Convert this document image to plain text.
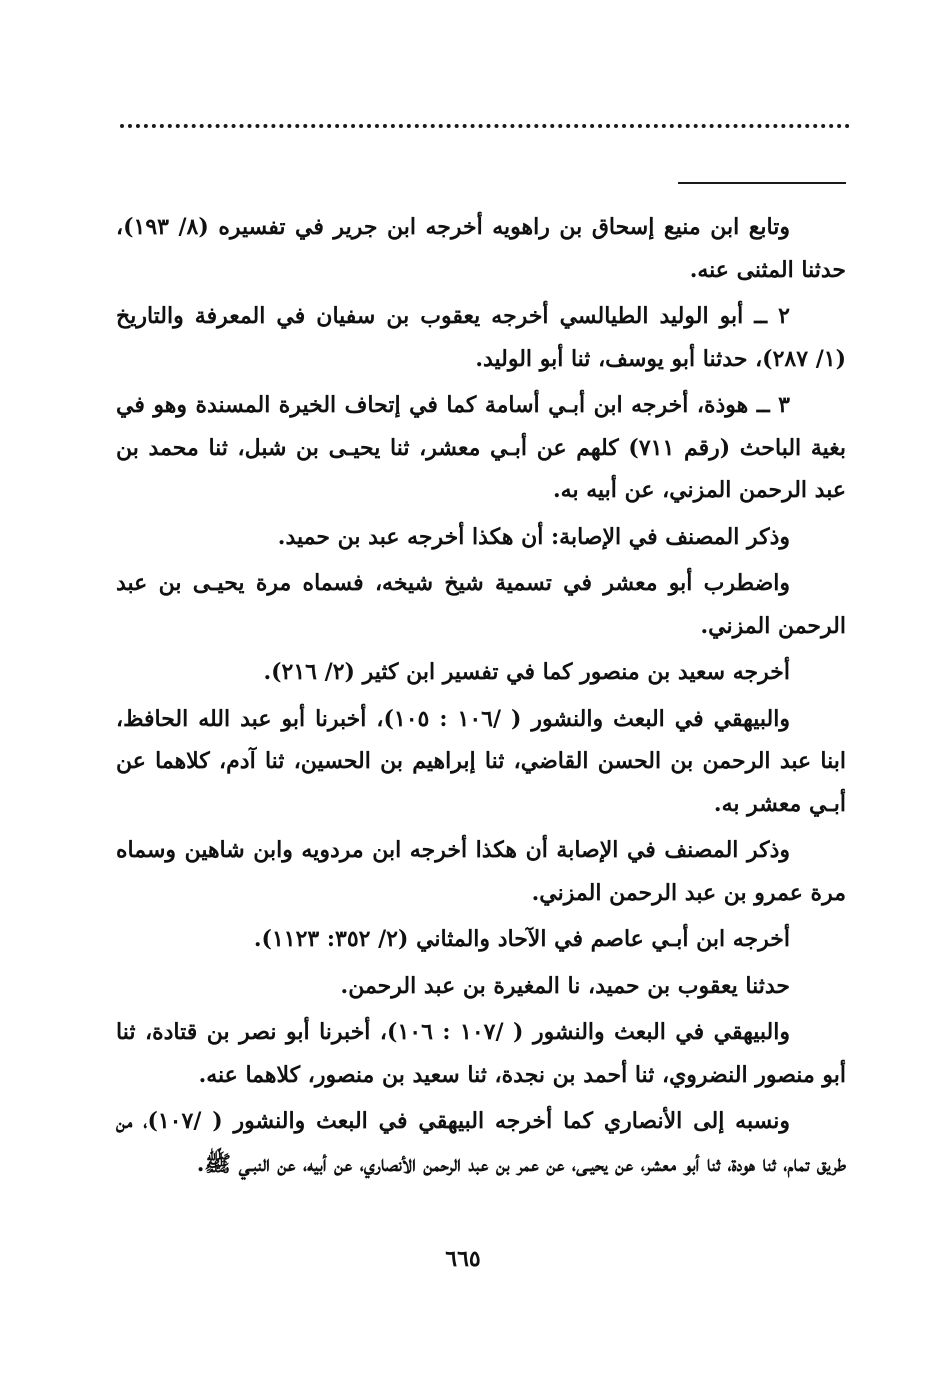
وتابع ابن منيع إسحاق بن راهويه أخرجه ابن جرير في تفسيره (٨/ ١٩٣)، حدثنا المثنى عنه.

٢ ــ أبو الوليد الطيالسي أخرجه يعقوب بن سفيان في المعرفة والتاريخ (١/ ٢٨٧)، حدثنا أبو يوسف، ثنا أبو الوليد.

٣ ــ هوذة، أخرجه ابن أبـي أسامة كما في إتحاف الخيرة المسندة وهو في بغية الباحث (رقم ٧١١) كلهم عن أبـي معشر، ثنا يحيـى بن شبل، ثنا محمد بن عبد الرحمن المزني، عن أبيه به.

وذكر المصنف في الإصابة: أن هكذا أخرجه عبد بن حميد.

واضطرب أبو معشر في تسمية شيخ شيخه، فسماه مرة يحيـى بن عبد الرحمن المزني.

أخرجه سعيد بن منصور كما في تفسير ابن كثير (٢/ ٢١٦).

والبيهقي في البعث والنشور ( /١٠٦ : ١٠٥)، أخبرنا أبو عبد الله الحافظ، ابنا عبد الرحمن بن الحسن القاضي، ثنا إبراهيم بن الحسين، ثنا آدم، كلاهما عن أبـي معشر به.

وذكر المصنف في الإصابة أن هكذا أخرجه ابن مردويه وابن شاهين وسماه مرة عمرو بن عبد الرحمن المزني.

أخرجه ابن أبـي عاصم في الآحاد والمثاني (٢/ ٣٥٢: ١١٢٣).

حدثنا يعقوب بن حميد، نا المغيرة بن عبد الرحمن.

والبيهقي في البعث والنشور ( /١٠٧ : ١٠٦)، أخبرنا أبو نصر بن قتادة، ثنا أبو منصور النضروي، ثنا أحمد بن نجدة، ثنا سعيد بن منصور، كلاهما عنه.

ونسبه إلى الأنصاري كما أخرجه البيهقي في البعث والنشور ( /١٠٧)، من طريق تمام، ثنا هودة، ثنا أبو معشر، عن يحيـى، عن عمر بن عبد الرحمن الأنصاري، عن أبيه، عن النبـي ﷺ.

٦٦٥
